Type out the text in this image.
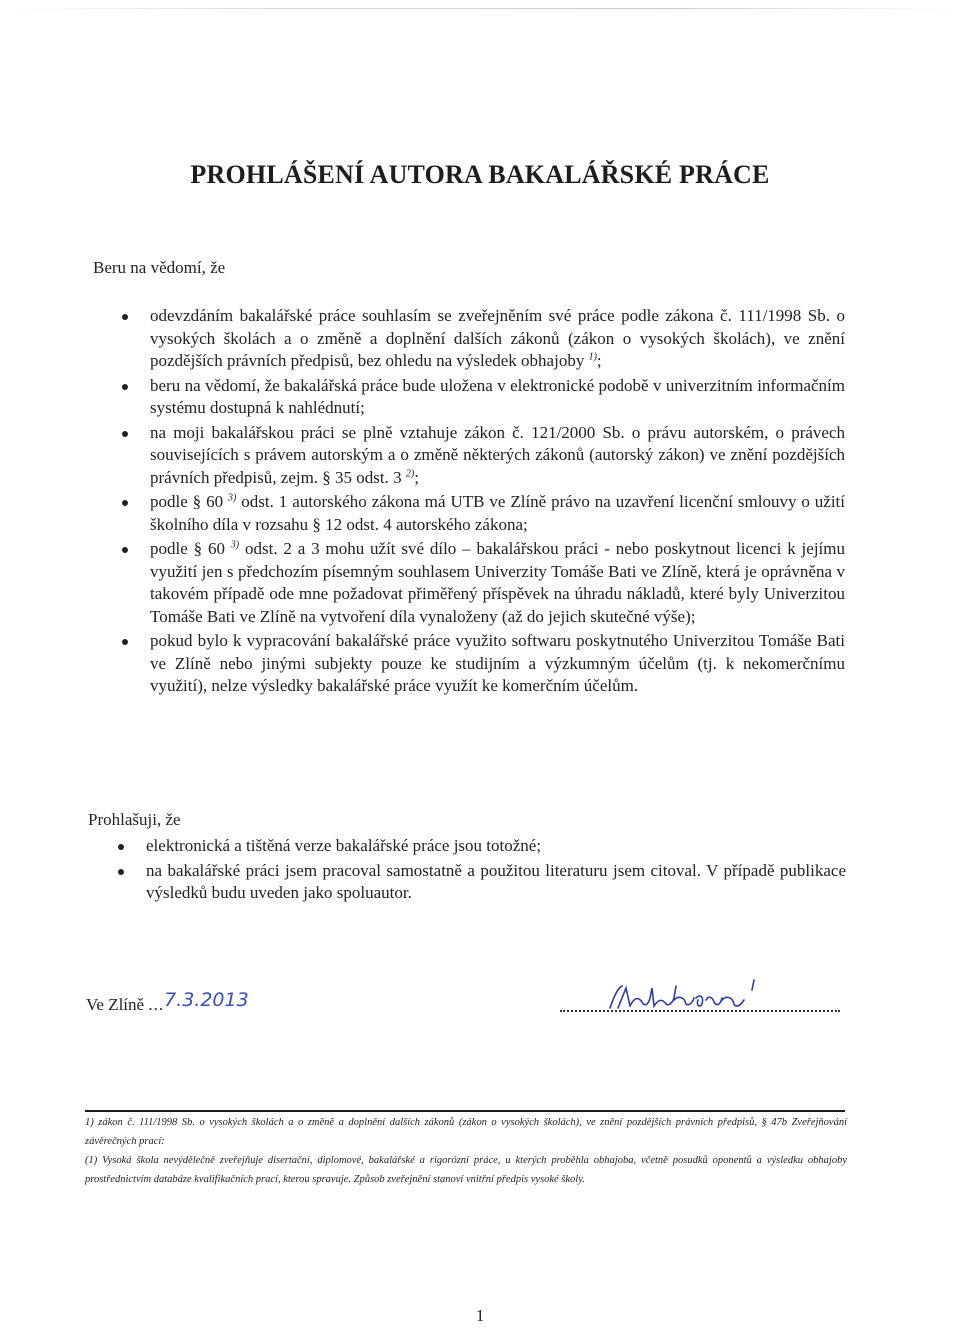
PROHLÁŠENÍ AUTORA BAKALÁŘSKÉ PRÁCE
Beru na vědomí, že
odevzdáním bakalářské práce souhlasím se zveřejněním své práce podle zákona č. 111/1998 Sb. o vysokých školách a o změně a doplnění dalších zákonů (zákon o vysokých školách), ve znění pozdějších právních předpisů, bez ohledu na výsledek obhajoby $^{1)}$;
beru na vědomí, že bakalářská práce bude uložena v elektronické podobě v univerzitním informačním systému dostupná k nahlédnutí;
na moji bakalářskou práci se plně vztahuje zákon č. 121/2000 Sb. o právu autorském, o právech souvisejících s právem autorským a o změně některých zákonů (autorský zákon) ve znění pozdějších právních předpisů, zejm. § 35 odst. 3 $^{2)}$;
podle § 60 $^{3)}$ odst. 1 autorského zákona má UTB ve Zlíně právo na uzavření licenční smlouvy o užití školního díla v rozsahu § 12 odst. 4 autorského zákona;
podle § 60 $^{3)}$ odst. 2 a 3 mohu užít své dílo – bakalářskou práci - nebo poskytnout licenci k jejímu využití jen s předchozím písemným souhlasem Univerzity Tomáše Bati ve Zlíně, která je oprávněna v takovém případě ode mne požadovat přiměřený příspěvek na úhradu nákladů, které byly Univerzitou Tomáše Bati ve Zlíně na vytvoření díla vynaloženy (až do jejich skutečné výše);
pokud bylo k vypracování bakalářské práce využito softwaru poskytnutého Univerzitou Tomáše Bati ve Zlíně nebo jinými subjekty pouze ke studijním a výzkumným účelům (tj. k nekomerčnímu využití), nelze výsledky bakalářské práce využít ke komerčním účelům.
Prohlašuji, že
elektronická a tištěná verze bakalářské práce jsou totožné;
na bakalářské práci jsem pracoval samostatně a použitou literaturu jsem citoval. V případě publikace výsledků budu uveden jako spoluautor.
Ve Zlíně ...7.3.2013

1) zákon č. 111/1998 Sb. o vysokých školách a o změně a doplnění dalších zákonů (zákon o vysokých školách), ve znění pozdějších právních předpisů, § 47b Zveřejňování závěrečných prací:

(1) Vysoká škola nevýdělečně zveřejňuje disertační, diplomové, bakalářské a rigorózní práce, u kterých proběhla obhajoba, včetně posudků oponentů a výsledku obhajoby prostřednictvím databáze kvalifikačních prací, kterou spravuje. Způsob zveřejnění stanoví vnitřní předpis vysoké školy.

1
